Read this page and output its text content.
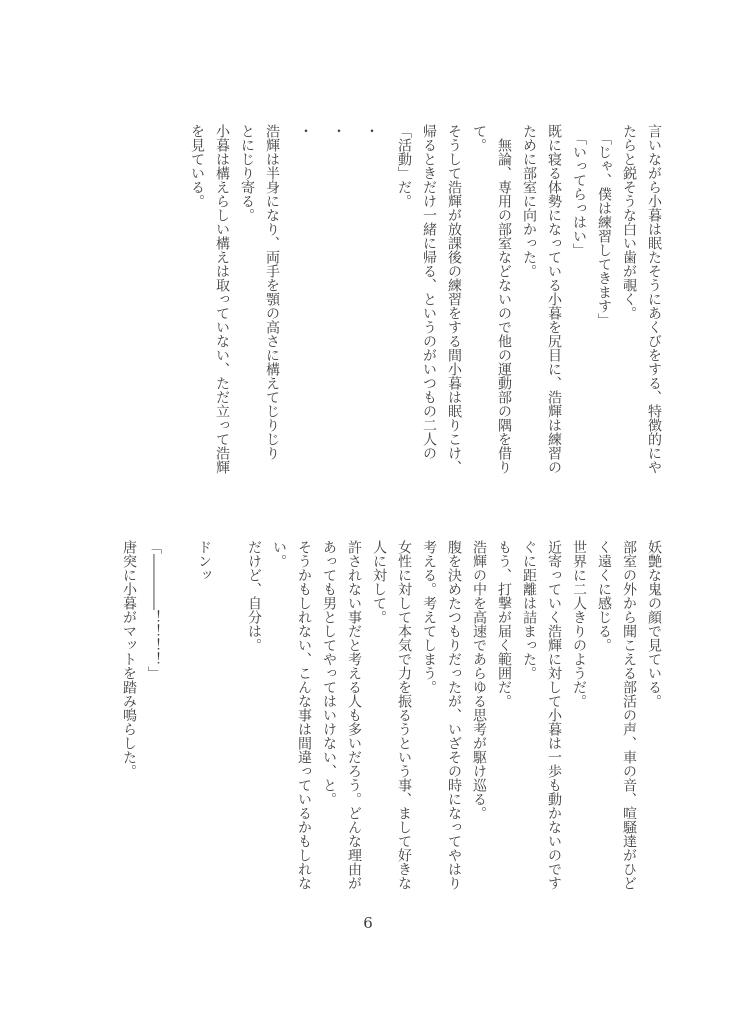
言いながら小暮は眠たそうにあくびをする、特徴的にや
たらと鋭そうな白い歯が覗く。
　「じゃ、僕は練習してきます」
　「いってらっはい」
既に寝る体勢になっている小暮を尻目に、浩輝は練習の
ために部室に向かった。
　無論、専用の部室などないので他の運動部の隅を借り
て。
そうして浩輝が放課後の練習をする間小暮は眠りこけ、
帰るときだけ一緒に帰る、というのがいつもの二人の
「活動」だ。
・
・
・
浩輝は半身になり、両手を顎の高さに構えてじりじり
とにじり寄る。
小暮は構えらしい構えは取っていない、ただ立って浩輝
を見ている。
妖艶な鬼の顔で見ている。
部室の外から聞こえる部活の声、車の音、喧騒達がひど
く遠くに感じる。
世界に二人きりのようだ。
近寄っていく浩輝に対して小暮は一歩も動かないのです
ぐに距離は詰まった。
もう、打撃が届く範囲だ。
浩輝の中を高速であらゆる思考が駆け巡る。
腹を決めたつもりだったが、いざその時になってやはり
考える。考えてしまう。
女性に対して本気で力を振るうという事、まして好きな
人に対して。
許されない事だと考える人も多いだろう。どんな理由が
あっても男としてやってはいけない、と。
そうかもしれない、こんな事は間違っているかもしれな
い。
だけど、自分は。

ドンッ

「――――！！！！」
唐突に小暮がマットを踏み鳴らした。
6
